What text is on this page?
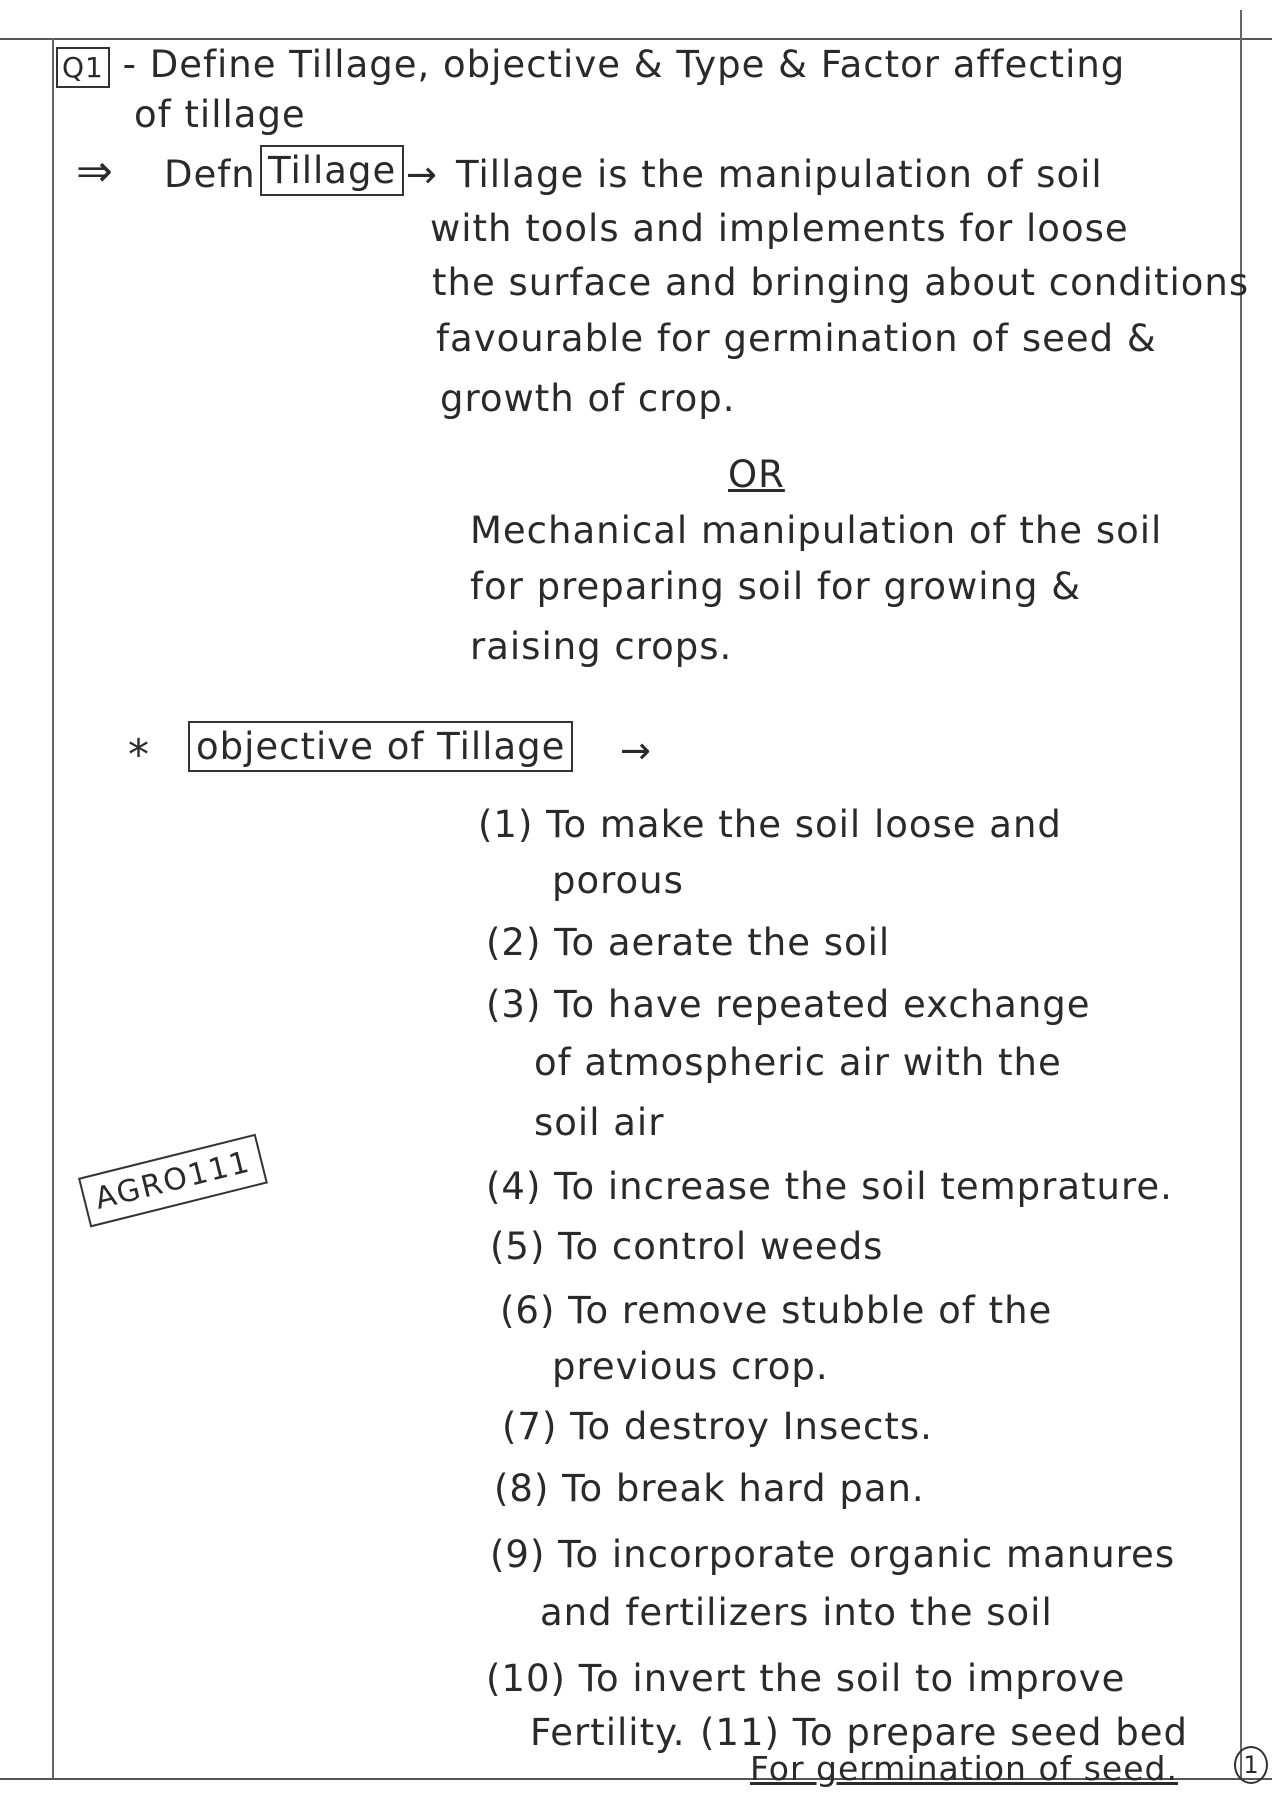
Q1 - Define Tillage, objective & Type & Factor affecting
of tillage
⇒ Defn Tillage → Tillage is the manipulation of soil
with tools and implements for loose
the surface and bringing about conditions
favourable for germination of seed &
growth of crop.
OR
Mechanical manipulation of the soil
for preparing soil for growing &
raising crops.
* objective of Tillage →
(1) To make the soil loose and
porous
(2) To aerate the soil
(3) To have repeated exchange
of atmospheric air with the
soil air
(4) To increase the soil temprature.
(5) To control weeds
(6) To remove stubble of the
previous crop.
(7) To destroy Insects.
(8) To break hard pan.
(9) To incorporate organic manures
and fertilizers into the soil
(10) To invert the soil to improve
Fertility. (11) To prepare seed bed
For germination of seed.
AGRO111
1
